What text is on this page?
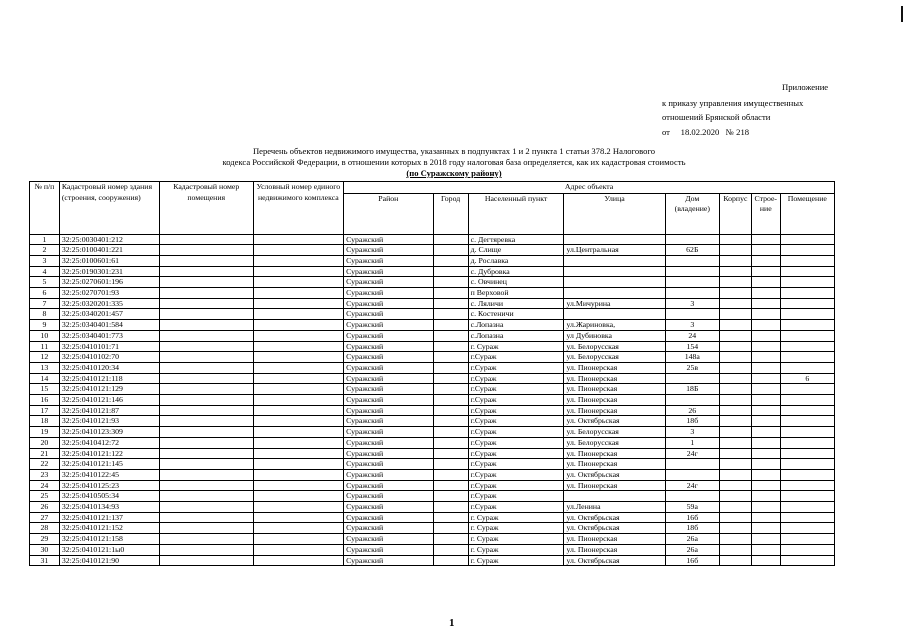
Приложение
к приказу управления имущественных
отношений Брянской области
от     18.02.2020   № 218
Перечень объектов недвижимого имущества, указанных в подпунктах 1 и 2 пункта 1 статьи 378.2 Налогового
кодекса Российской Федерации, в отношении которых в 2018 году налоговая база определяется, как их кадастровая стоимость
(по Суражскому району)
№ п/п	Кадастровый номер здания (строения, сооружения)	Кадастровый номер помещения	Условный номер единого недвижимого комплекса	Адрес объекта							
				Район	Город	Населенный пункт	Улица	Дом (владение)	Корпус	Строе-ние	Помещение
1	32:25:0030401:212			Суражский		с. Дегтяревка					
2	32:25:0100401:221			Суражский		д. Слище	ул.Центральная	62Б			
3	32:25:0100601:61			Суражский		д. Рославка					
4	32:25:0190301:231			Суражский		с. Дубровка					
5	32:25:0270601:196			Суражский		с. Овчинец					
6	32:25:0270701:93			Суражский		п Верховой					
7	32:25:0320201:335			Суражский		с. Ляличи	ул.Мичурина	3			
8	32:25:0340201:457			Суражский		с. Костеничи					
9	32:25:0340401:584			Суражский		с.Лопазна	ул.Жариновка,	3			
10	32:25:0340401:773			Суражский		с.Лопазна	ул Дубиновка	24			
11	32:25:0410101:71			Суражский		г. Сураж	ул. Белорусская	154			
12	32:25:0410102:70			Суражский		г.Сураж	ул. Белорусская	148а			
13	32:25:0410120:34			Суражский		г.Сураж	ул. Пионерская	25в			
14	32:25:0410121:118			Суражский		г.Сураж	ул. Пионерская				6
15	32:25:0410121:129			Суражский		г.Сураж	ул. Пионерская	18Б			
16	32:25:0410121:146			Суражский		г.Сураж	ул. Пионерская				
17	32:25:0410121:87			Суражский		г.Сураж	ул. Пионерская	26			
18	32:25:0410121:93			Суражский		г.Сураж	ул. Октябрьская	18б			
19	32:25:0410123:309			Суражский		г.Сураж	ул. Белорусская	3			
20	32:25:0410412:72			Суражский		г.Сураж	ул. Белорусская	1			
21	32:25:0410121:122			Суражский		г.Сураж	ул. Пионерская	24г			
22	32:25:0410121:145			Суражский		г.Сураж	ул. Пионерская				
23	32:25:0410122:45			Суражский		г.Сураж	ул. Октябрьская				
24	32:25:0410125:23			Суражский		г.Сураж	ул. Пионерская	24г			
25	32:25:0410505:34			Суражский		г.Сураж					
26	32:25:0410134:93			Суражский		г.Сураж	ул.Ленина	59а			
27	32:25:0410121:137			Суражский		г. Сураж	ул. Октябрьская	16б			
28	32:25:0410121:152			Суражский		г. Сураж	ул. Октябрьская	18б			
29	32:25:0410121:158			Суражский		г. Сураж	ул. Пионерская	26а			
30	32:25:0410121:1ы0			Суражский		г. Сураж	ул. Пионерская	26а			
31	32:25:0410121:90			Суражский		г. Сураж	ул. Октябрьская	16б			
1
